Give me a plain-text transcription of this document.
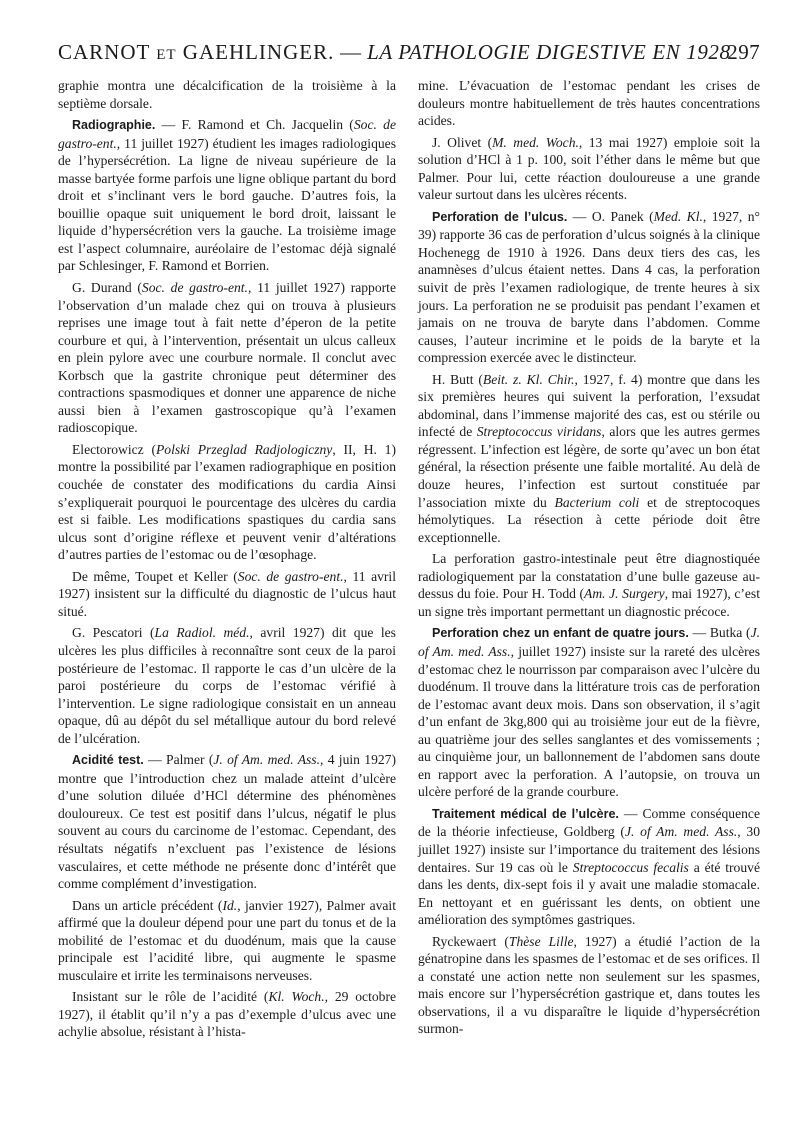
CARNOT et GAEHLINGER. — LA PATHOLOGIE DIGESTIVE EN 1928
297

graphie montra une décalcification de la troisième à la septième dorsale.

Radiographie. — F. Ramond et Ch. Jacquelin (Soc. de gastro-ent., 11 juillet 1927) étudient les images radiologiques de l’hypersécrétion. La ligne de niveau supérieure de la masse bartyée forme parfois une ligne oblique partant du bord droit et s’inclinant vers le bord gauche. D’autres fois, la bouillie opaque suit uniquement le bord droit, laissant le liquide d’hypersécrétion vers la gauche. La troisième image est l’aspect columnaire, auréolaire de l’estomac déjà signalé par Schlesinger, F. Ramond et Borrien.

G. Durand (Soc. de gastro-ent., 11 juillet 1927) rapporte l’observation d’un malade chez qui on trouva à plusieurs reprises une image tout à fait nette d’éperon de la petite courbure et qui, à l’intervention, présentait un ulcus calleux en plein pylore avec une courbure normale. Il conclut avec Korbsch que la gastrite chronique peut déterminer des contractions spasmodiques et donner une apparence de niche aussi bien à l’examen gastroscopique qu’à l’examen radioscopique.

Electorowicz (Polski Przeglad Radjologiczny, II, H. 1) montre la possibilité par l’examen radiographique en position couchée de constater des modifications du cardia Ainsi s’expliquerait pourquoi le pourcentage des ulcères du cardia est si faible. Les modifications spastiques du cardia sans ulcus sont d’origine réflexe et peuvent venir d’altérations d’autres parties de l’estomac ou de l’œsophage.

De même, Toupet et Keller (Soc. de gastro-ent., 11 avril 1927) insistent sur la difficulté du diagnostic de l’ulcus haut situé.

G. Pescatori (La Radiol. méd., avril 1927) dit que les ulcères les plus difficiles à reconnaître sont ceux de la paroi postérieure de l’estomac. Il rapporte le cas d’un ulcère de la paroi postérieure du corps de l’estomac vérifié à l’intervention. Le signe radiologique consistait en un anneau opaque, dû au dépôt du sel métallique autour du bord relevé de l’ulcération.

Acidité test. — Palmer (J. of Am. med. Ass., 4 juin 1927) montre que l’introduction chez un malade atteint d’ulcère d’une solution diluée d’HCl détermine des phénomènes douloureux. Ce test est positif dans l’ulcus, négatif le plus souvent au cours du carcinome de l’estomac. Cependant, des résultats négatifs n’excluent pas l’existence de lésions vasculaires, et cette méthode ne présente donc d’intérêt que comme complément d’investigation.

Dans un article précédent (Id., janvier 1927), Palmer avait affirmé que la douleur dépend pour une part du tonus et de la mobilité de l’estomac et du duodénum, mais que la cause principale est l’acidité libre, qui augmente le spasme musculaire et irrite les terminaisons nerveuses.

Insistant sur le rôle de l’acidité (Kl. Woch., 29 octobre 1927), il établit qu’il n’y a pas d’exemple d’ulcus avec une achylie absolue, résistant à l’hista-

mine. L’évacuation de l’estomac pendant les crises de douleurs montre habituellement de très hautes concentrations acides.

J. Olivet (M. med. Woch., 13 mai 1927) emploie soit la solution d’HCl à 1 p. 100, soit l’éther dans le même but que Palmer. Pour lui, cette réaction douloureuse a une grande valeur surtout dans les ulcères récents.

Perforation de l’ulcus. — O. Panek (Med. Kl., 1927, n° 39) rapporte 36 cas de perforation d’ulcus soignés à la clinique Hochenegg de 1910 à 1926. Dans deux tiers des cas, les anamnèses d’ulcus étaient nettes. Dans 4 cas, la perforation suivit de près l’examen radiologique, de trente heures à six jours. La perforation ne se produisit pas pendant l’examen et jamais on ne trouva de baryte dans l’abdomen. Comme causes, l’auteur incrimine et le poids de la baryte et la compression exercée avec le distincteur.

H. Butt (Beit. z. Kl. Chir., 1927, f. 4) montre que dans les six premières heures qui suivent la perforation, l’exsudat abdominal, dans l’immense majorité des cas, est ou stérile ou infecté de Streptococcus viridans, alors que les autres germes régressent. L’infection est légère, de sorte qu’avec un bon état général, la résection présente une faible mortalité. Au delà de douze heures, l’infection est surtout constituée par l’association mixte du Bacterium coli et de streptocoques hémolytiques. La résection à cette période doit être exceptionnelle.

La perforation gastro-intestinale peut être diagnostiquée radiologiquement par la constatation d’une bulle gazeuse au-dessus du foie. Pour H. Todd (Am. J. Surgery, mai 1927), c’est un signe très important permettant un diagnostic précoce.

Perforation chez un enfant de quatre jours. — Butka (J. of Am. med. Ass., juillet 1927) insiste sur la rareté des ulcères d’estomac chez le nourrisson par comparaison avec l’ulcère du duodénum. Il trouve dans la littérature trois cas de perforation de l’estomac avant deux mois. Dans son observation, il s’agit d’un enfant de 3kg,800 qui au troisième jour eut de la fièvre, au quatrième jour des selles sanglantes et des vomissements ; au cinquième jour, un ballonnement de l’abdomen sans doute en rapport avec la perforation. A l’autopsie, on trouva un ulcère perforé de la grande courbure.

Traitement médical de l’ulcère. — Comme conséquence de la théorie infectieuse, Goldberg (J. of Am. med. Ass., 30 juillet 1927) insiste sur l’importance du traitement des lésions dentaires. Sur 19 cas où le Streptococcus fecalis a été trouvé dans les dents, dix-sept fois il y avait une maladie stomacale. En nettoyant et en guérissant les dents, on obtient une amélioration des symptômes gastriques.

Ryckewaert (Thèse Lille, 1927) a étudié l’action de la génatropine dans les spasmes de l’estomac et de ses orifices. Il a constaté une action nette non seulement sur les spasmes, mais encore sur l’hypersécrétion gastrique et, dans toutes les observations, il a vu disparaître le liquide d’hypersécrétion surmon-
